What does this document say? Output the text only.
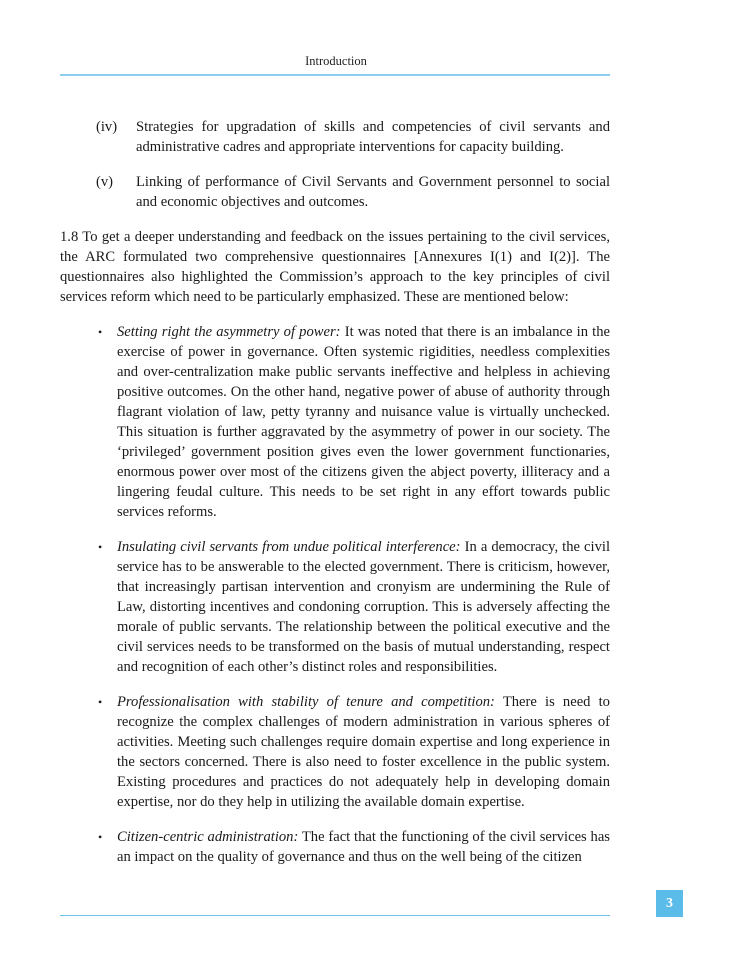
Introduction
(iv)	Strategies for upgradation of skills and competencies of civil servants and administrative cadres and appropriate interventions for capacity building.
(v)	Linking of performance of Civil Servants and Government personnel to social and economic objectives and outcomes.

1.8 To get a deeper understanding and feedback on the issues pertaining to the civil services, the ARC formulated two comprehensive questionnaires [Annexures I(1) and I(2)]. The questionnaires also highlighted the Commission’s approach to the key principles of civil services reform which need to be particularly emphasized. These are mentioned below:

•	Setting right the asymmetry of power: It was noted that there is an imbalance in the exercise of power in governance. Often systemic rigidities, needless complexities and over-centralization make public servants ineffective and helpless in achieving positive outcomes. On the other hand, negative power of abuse of authority through flagrant violation of law, petty tyranny and nuisance value is virtually unchecked. This situation is further aggravated by the asymmetry of power in our society. The ‘privileged’ government position gives even the lower government functionaries, enormous power over most of the citizens given the abject poverty, illiteracy and a lingering feudal culture. This needs to be set right in any effort towards public services reforms.
•	Insulating civil servants from undue political interference: In a democracy, the civil service has to be answerable to the elected government. There is criticism, however, that increasingly partisan intervention and cronyism are undermining the Rule of Law, distorting incentives and condoning corruption. This is adversely affecting the morale of public servants. The relationship between the political executive and the civil services needs to be transformed on the basis of mutual understanding, respect and recognition of each other’s distinct roles and responsibilities.
•	Professionalisation with stability of tenure and competition: There is need to recognize the complex challenges of modern administration in various spheres of activities. Meeting such challenges require domain expertise and long experience in the sectors concerned. There is also need to foster excellence in the public system. Existing procedures and practices do not adequately help in developing domain expertise, nor do they help in utilizing the available domain expertise.
•	Citizen-centric administration: The fact that the functioning of the civil services has an impact on the quality of governance and thus on the well being of the citizen
3
